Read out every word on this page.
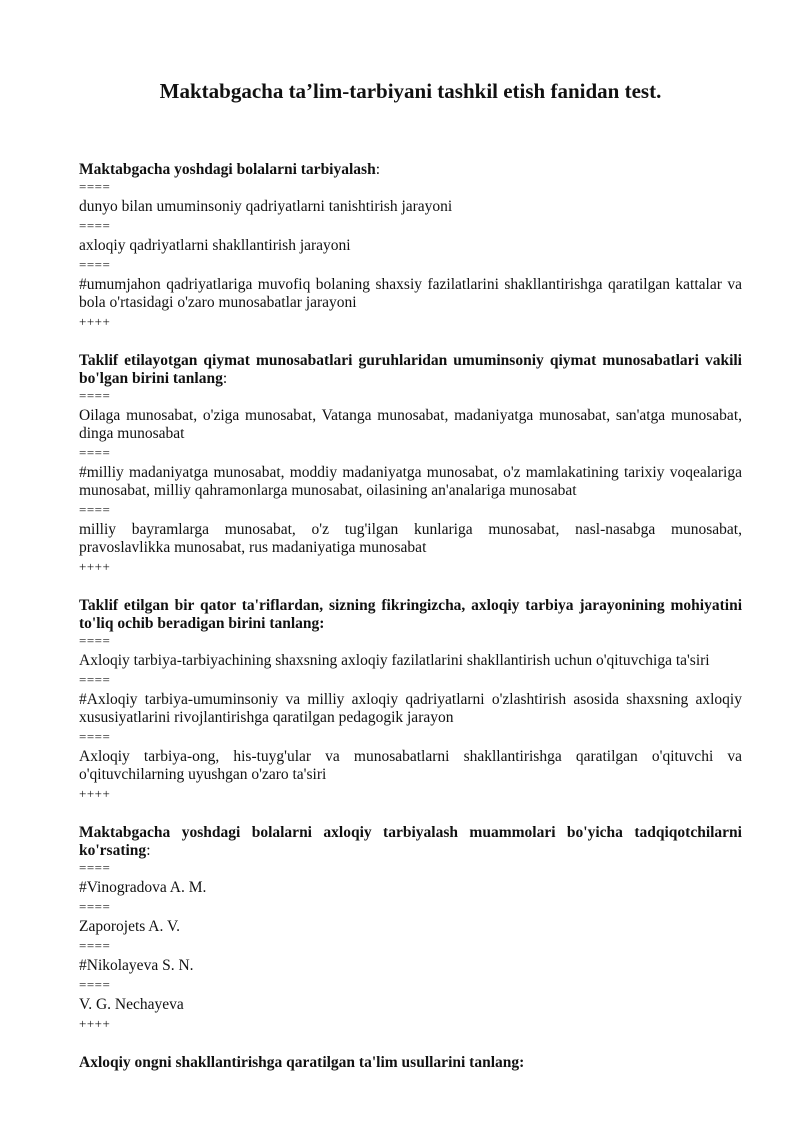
Maktabgacha ta’lim-tarbiyani tashkil etish fanidan test.

Maktabgacha yoshdagi bolalarni tarbiyalash:

====

dunyo bilan umuminsoniy qadriyatlarni tanishtirish jarayoni

====

axloqiy qadriyatlarni shakllantirish jarayoni

====

#umumjahon qadriyatlariga muvofiq bolaning shaxsiy fazilatlarini shakllantirishga qaratilgan kattalar va bola o'rtasidagi o'zaro munosabatlar jarayoni

++++

Taklif etilayotgan qiymat munosabatlari guruhlaridan umuminsoniy qiymat munosabatlari vakili bo'lgan birini tanlang:

====

Oilaga munosabat, o'ziga munosabat, Vatanga munosabat, madaniyatga munosabat, san'atga munosabat, dinga munosabat

====

#milliy madaniyatga munosabat, moddiy madaniyatga munosabat, o'z mamlakatining tarixiy voqealariga munosabat, milliy qahramonlarga munosabat, oilasining an'analariga munosabat

====

milliy bayramlarga munosabat, o'z tug'ilgan kunlariga munosabat, nasl-nasabga munosabat, pravoslavlikka munosabat, rus madaniyatiga munosabat

++++

Taklif etilgan bir qator ta'riflardan, sizning fikringizcha, axloqiy tarbiya jarayonining mohiyatini to'liq ochib beradigan birini tanlang:

====

Axloqiy tarbiya-tarbiyachining shaxsning axloqiy fazilatlarini shakllantirish uchun o'qituvchiga ta'siri

====

#Axloqiy tarbiya-umuminsoniy va milliy axloqiy qadriyatlarni o'zlashtirish asosida shaxsning axloqiy xususiyatlarini rivojlantirishga qaratilgan pedagogik jarayon

====

Axloqiy tarbiya-ong, his-tuyg'ular va munosabatlarni shakllantirishga qaratilgan o'qituvchi va o'qituvchilarning uyushgan o'zaro ta'siri

++++

Maktabgacha yoshdagi bolalarni axloqiy tarbiyalash muammolari bo'yicha tadqiqotchilarni ko'rsating:

====

#Vinogradova A. M.

====

Zaporojets A. V.

====

#Nikolayeva S. N.

====

V. G. Nechayeva

++++

Axloqiy ongni shakllantirishga qaratilgan ta'lim usullarini tanlang:
